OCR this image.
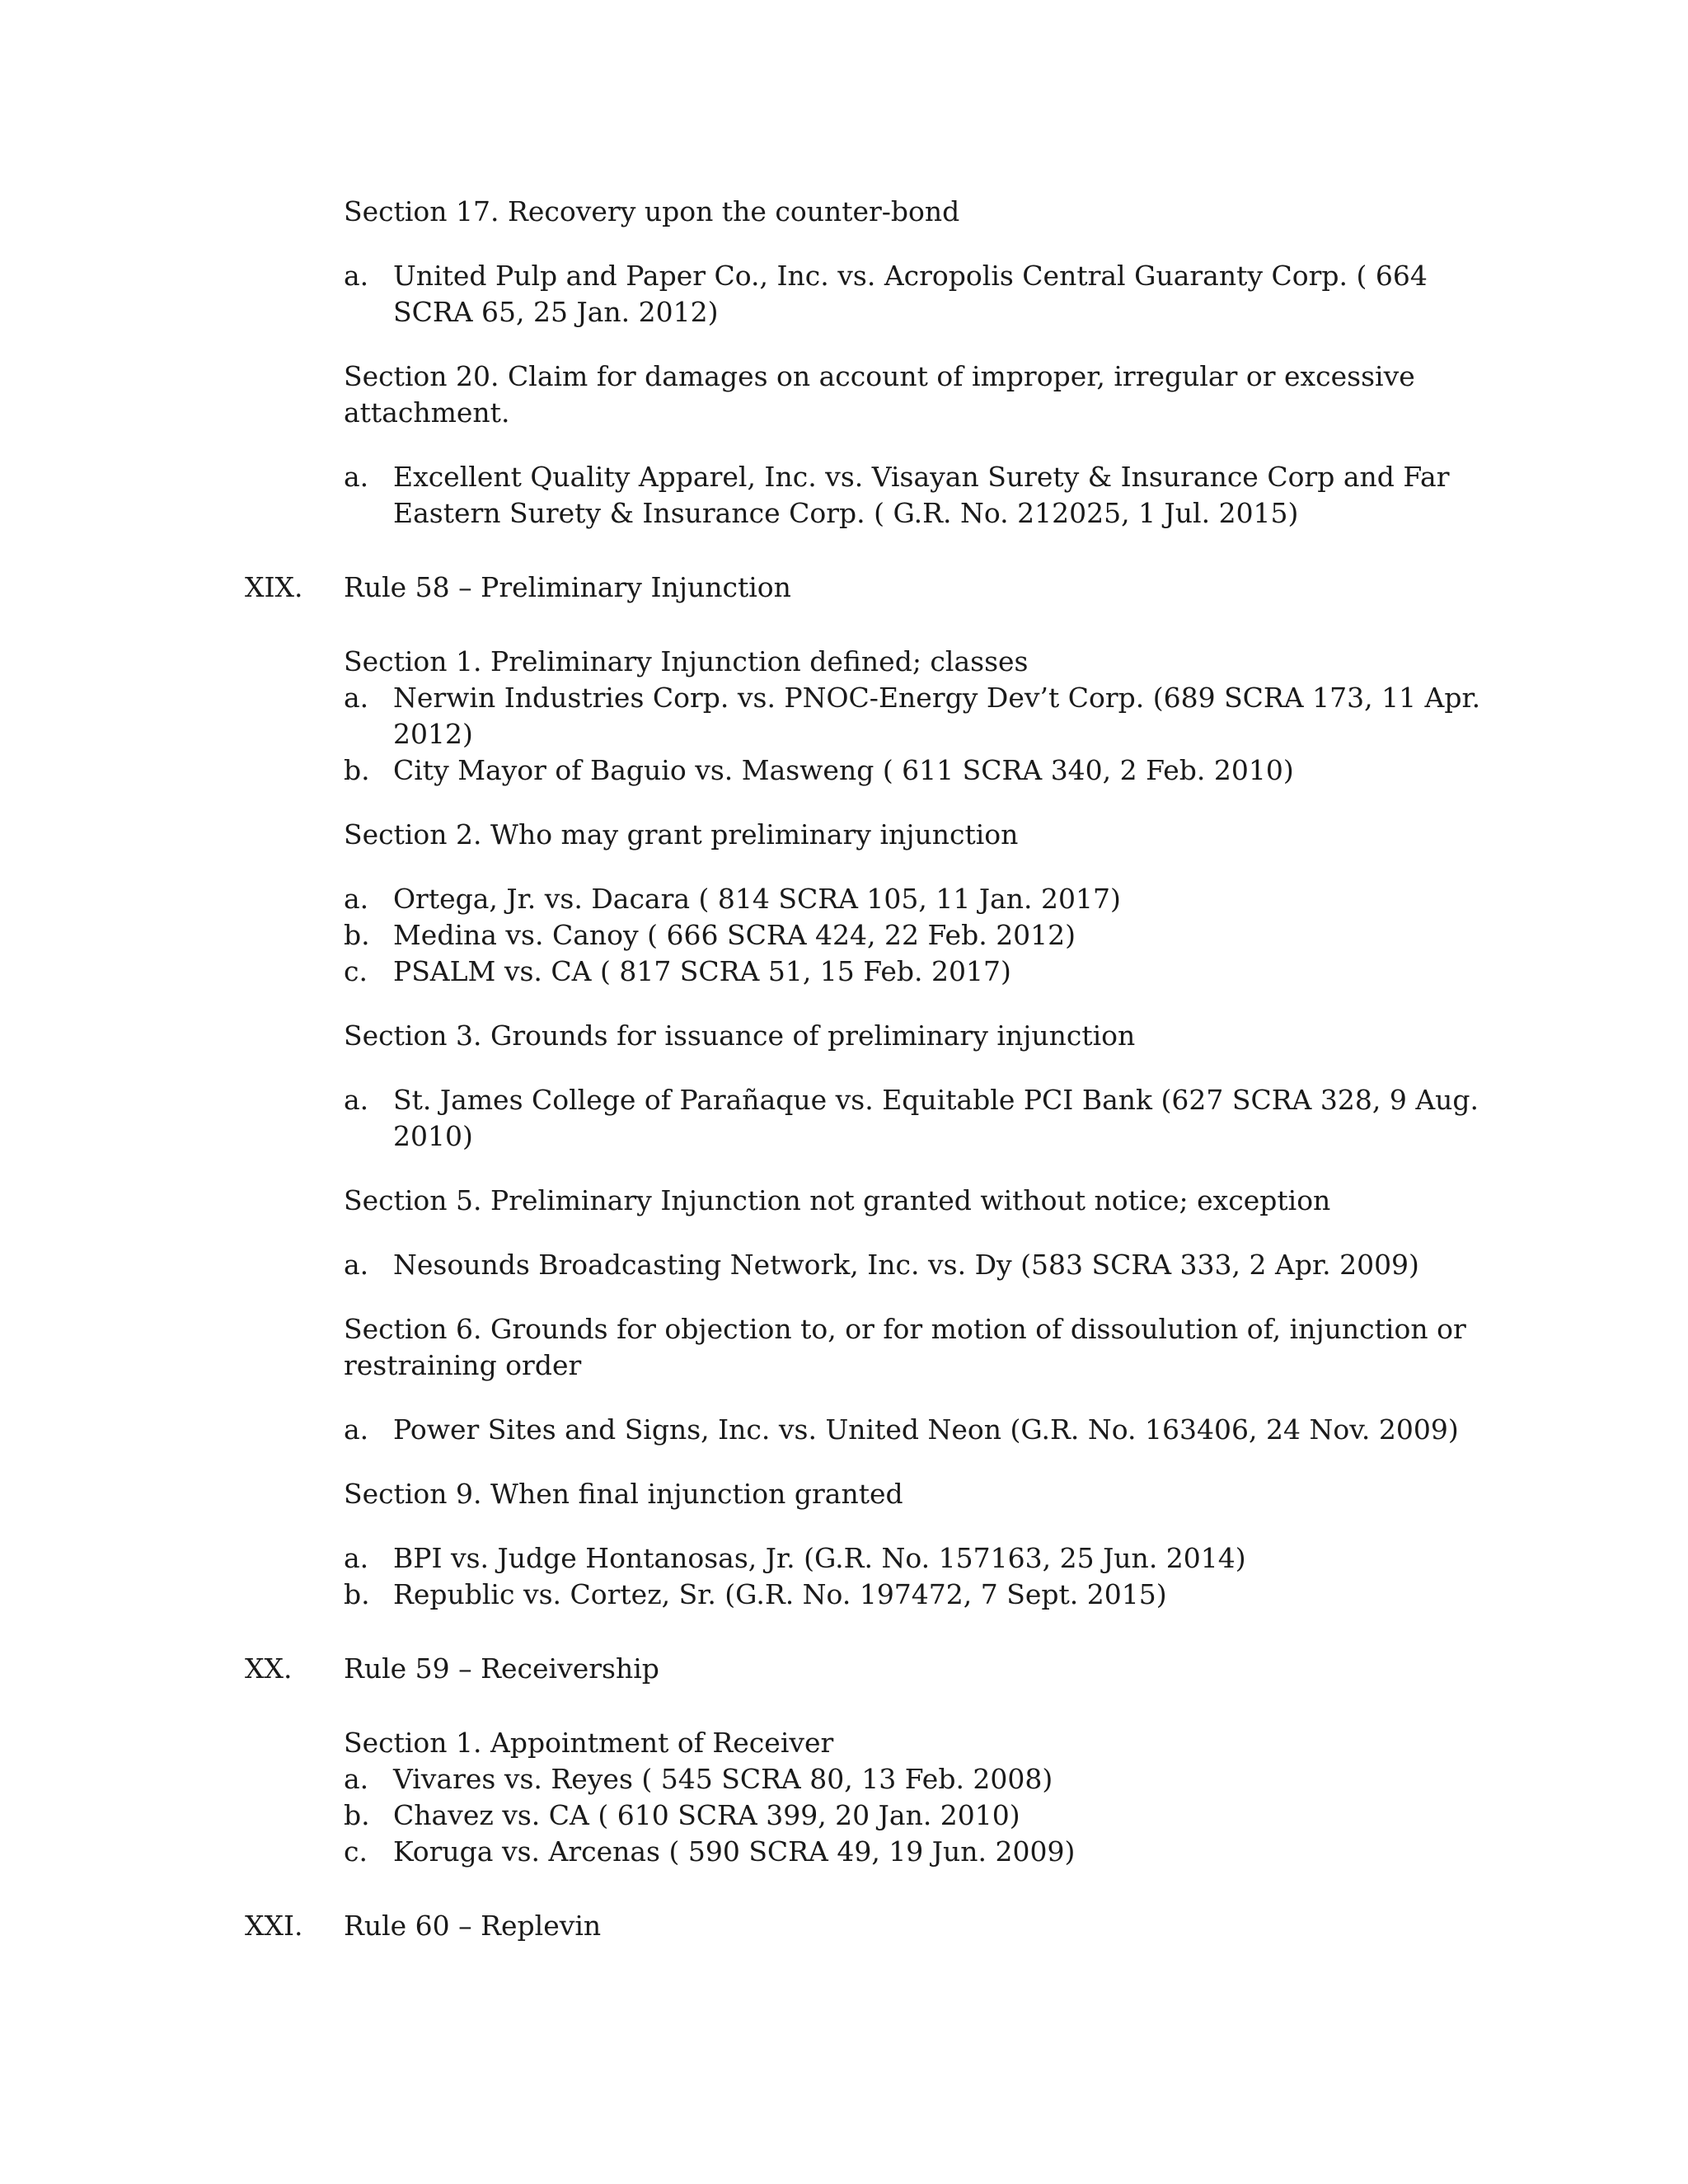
Section 17. Recovery upon the counter-bond
a. United Pulp and Paper Co., Inc. vs. Acropolis Central Guaranty Corp. ( 664
SCRA 65, 25 Jan. 2012)
Section 20. Claim for damages on account of improper, irregular or excessive
attachment.
a. Excellent Quality Apparel, Inc. vs. Visayan Surety & Insurance Corp and Far
Eastern Surety & Insurance Corp. ( G.R. No. 212025, 1 Jul. 2015)
XIX. Rule 58 – Preliminary Injunction
Section 1. Preliminary Injunction defined; classes
a. Nerwin Industries Corp. vs. PNOC-Energy Dev’t Corp. (689 SCRA 173, 11 Apr.
2012)
b. City Mayor of Baguio vs. Masweng ( 611 SCRA 340, 2 Feb. 2010)
Section 2. Who may grant preliminary injunction
a. Ortega, Jr. vs. Dacara ( 814 SCRA 105, 11 Jan. 2017)
b. Medina vs. Canoy ( 666 SCRA 424, 22 Feb. 2012)
c. PSALM vs. CA ( 817 SCRA 51, 15 Feb. 2017)
Section 3. Grounds for issuance of preliminary injunction
a. St. James College of Parañaque vs. Equitable PCI Bank (627 SCRA 328, 9 Aug.
2010)
Section 5. Preliminary Injunction not granted without notice; exception
a. Nesounds Broadcasting Network, Inc. vs. Dy (583 SCRA 333, 2 Apr. 2009)
Section 6. Grounds for objection to, or for motion of dissoulution of, injunction or
restraining order
a. Power Sites and Signs, Inc. vs. United Neon (G.R. No. 163406, 24 Nov. 2009)
Section 9. When final injunction granted
a. BPI vs. Judge Hontanosas, Jr. (G.R. No. 157163, 25 Jun. 2014)
b. Republic vs. Cortez, Sr. (G.R. No. 197472, 7 Sept. 2015)
XX. Rule 59 – Receivership
Section 1. Appointment of Receiver
a. Vivares vs. Reyes ( 545 SCRA 80, 13 Feb. 2008)
b. Chavez vs. CA ( 610 SCRA 399, 20 Jan. 2010)
c. Koruga vs. Arcenas ( 590 SCRA 49, 19 Jun. 2009)
XXI. Rule 60 – Replevin
